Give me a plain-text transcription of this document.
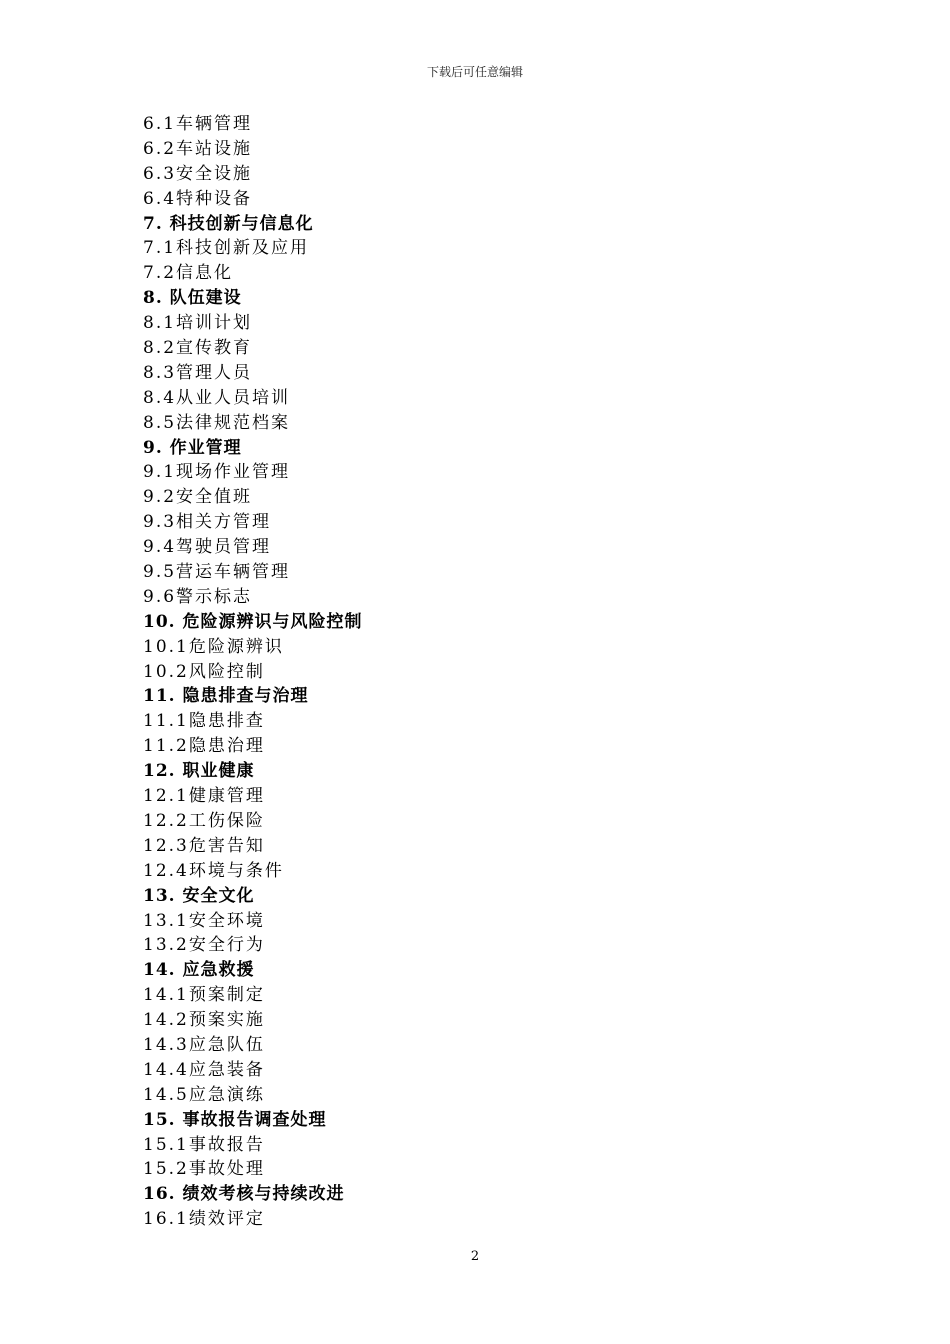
下载后可任意编辑
6.1车辆管理
6.2车站设施
6.3安全设施
6.4特种设备
7. 科技创新与信息化
7.1科技创新及应用
7.2信息化
8. 队伍建设
8.1培训计划
8.2宣传教育
8.3管理人员
8.4从业人员培训
8.5法律规范档案
9. 作业管理
9.1现场作业管理
9.2安全值班
9.3相关方管理
9.4驾驶员管理
9.5营运车辆管理
9.6警示标志
10. 危险源辨识与风险控制
10.1危险源辨识
10.2风险控制
11. 隐患排查与治理
11.1隐患排查
11.2隐患治理
12. 职业健康
12.1健康管理
12.2工伤保险
12.3危害告知
12.4环境与条件
13. 安全文化
13.1安全环境
13.2安全行为
14. 应急救援
14.1预案制定
14.2预案实施
14.3应急队伍
14.4应急装备
14.5应急演练
15. 事故报告调查处理
15.1事故报告
15.2事故处理
16. 绩效考核与持续改进
16.1绩效评定
2
